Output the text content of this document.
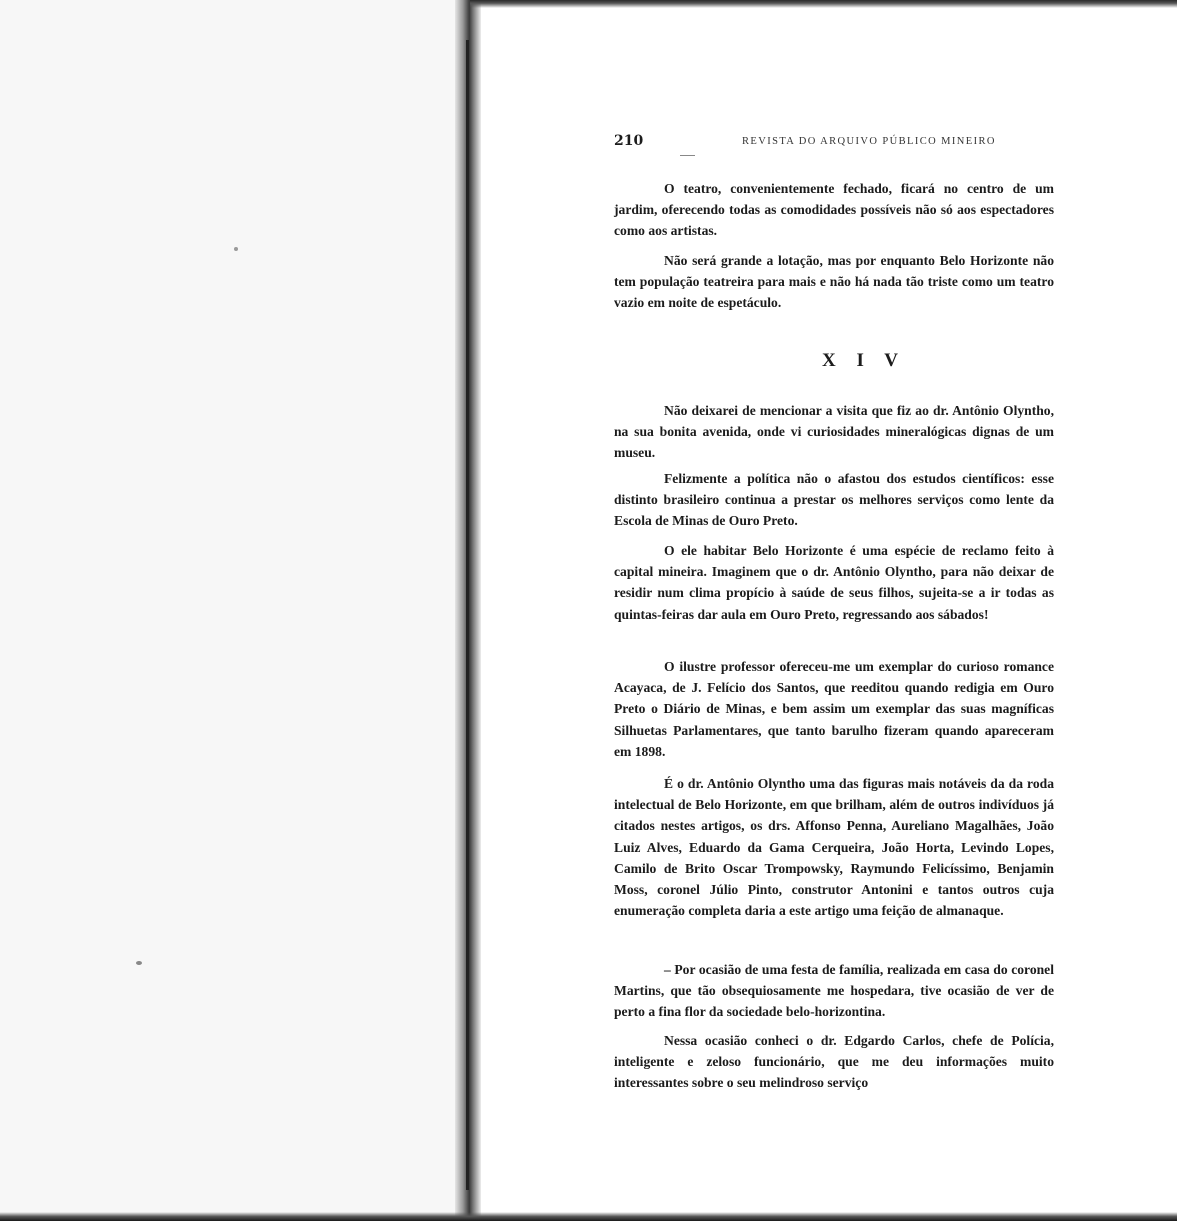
210	REVISTA DO ARQUIVO PÚBLICO MINEIRO

O teatro, convenientemente fechado, ficará no centro de um jardim, oferecendo todas as comodidades possíveis não só aos espectadores como aos artistas.

Não será grande a lotação, mas por enquanto Belo Horizonte não tem população teatreira para mais e não há nada tão triste como um teatro vazio em noite de espetáculo.

X I V

Não deixarei de mencionar a visita que fiz ao dr. Antônio Olyntho, na sua bonita avenida, onde vi curiosidades mineralógicas dignas de um museu.

Felizmente a política não o afastou dos estudos científicos: esse distinto brasileiro continua a prestar os melhores serviços como lente da Escola de Minas de Ouro Preto.

O ele habitar Belo Horizonte é uma espécie de reclamo feito à capital mineira. Imaginem que o dr. Antônio Olyntho, para não deixar de residir num clima propício à saúde de seus filhos, sujeita-se a ir todas as quintas-feiras dar aula em Ouro Preto, regressando aos sábados!

O ilustre professor ofereceu-me um exemplar do curioso romance Acayaca, de J. Felício dos Santos, que reeditou quando redigia em Ouro Preto o Diário de Minas, e bem assim um exemplar das suas magníficas Silhuetas Parlamentares, que tanto barulho fizeram quando apareceram em 1898.

É o dr. Antônio Olyntho uma das figuras mais notáveis da da roda intelectual de Belo Horizonte, em que brilham, além de outros indivíduos já citados nestes artigos, os drs. Affonso Penna, Aureliano Magalhães, João Luiz Alves, Eduardo da Gama Cerqueira, João Horta, Levindo Lopes, Camilo de Brito Oscar Trompowsky, Raymundo Felicíssimo, Benjamin Moss, coronel Júlio Pinto, construtor Antonini e tantos outros cuja enumeração completa daria a este artigo uma feição de almanaque.

– Por ocasião de uma festa de família, realizada em casa do coronel Martins, que tão obsequiosamente me hospedara, tive ocasião de ver de perto a fina flor da sociedade belo-horizontina.

Nessa ocasião conheci o dr. Edgardo Carlos, chefe de Polícia, inteligente e zeloso funcionário, que me deu informações muito interessantes sobre o seu melindroso serviço
